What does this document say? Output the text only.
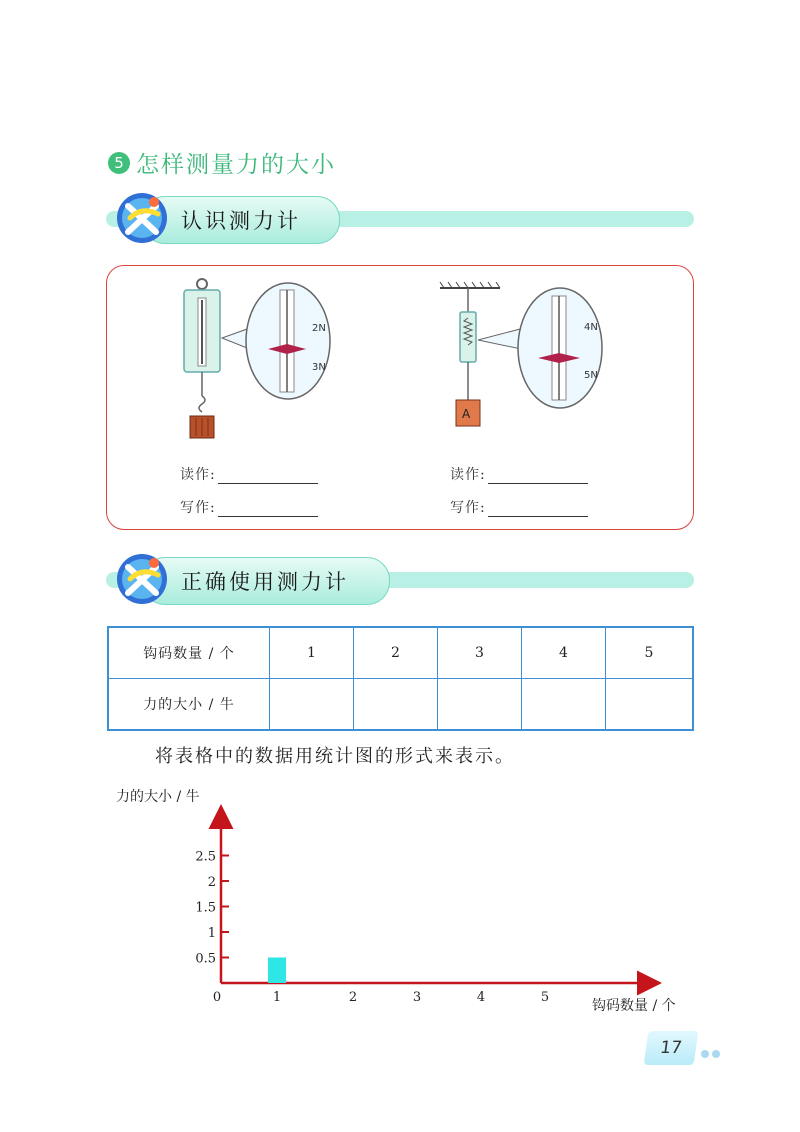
5 怎样测量力的大小
认识测力计
2N
3N
A
4N
5N
读作:
写作:
读作:
写作:
正确使用测力计
钩码数量 / 个	1	2	3	4	5
力的大小 / 牛					
将表格中的数据用统计图的形式来表示。
力的大小 / 牛
钩码数量 / 个
0
0.5
1
1.5
2
2.5
1	2	3	4	5
17
